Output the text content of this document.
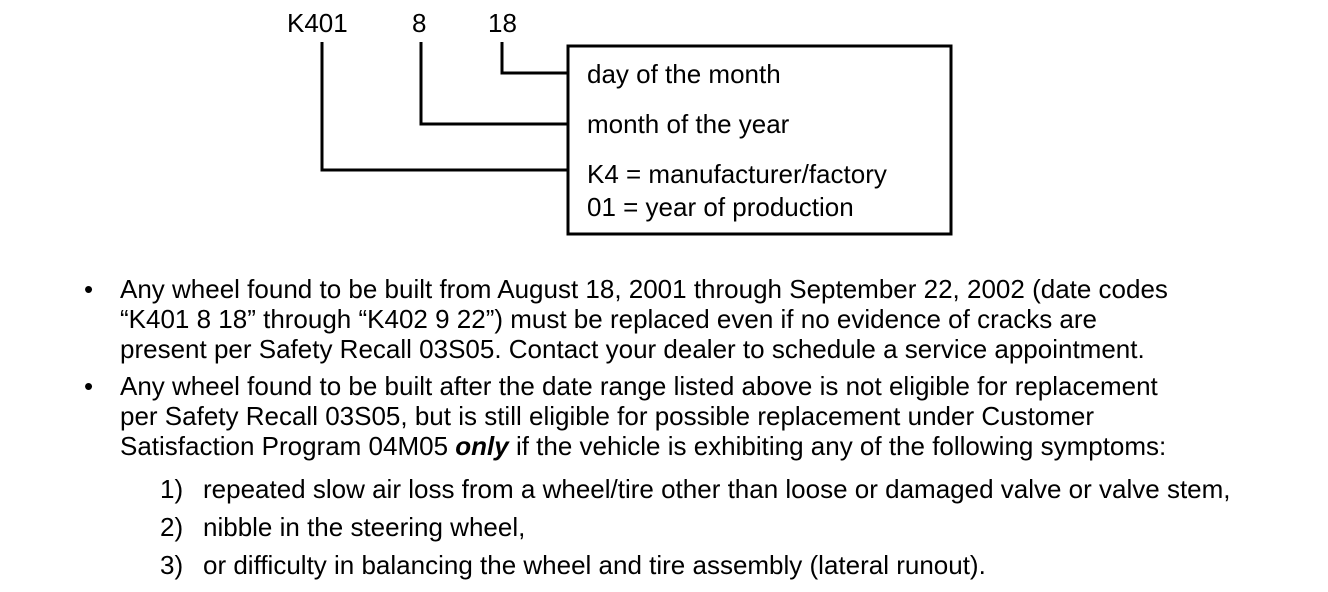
K401 8 18
day of the month
month of the year
K4 = manufacturer/factory
01 = year of production
• Any wheel found to be built from August 18, 2001 through September 22, 2002 (date codes
“K401 8 18” through “K402 9 22”) must be replaced even if no evidence of cracks are
present per Safety Recall 03S05. Contact your dealer to schedule a service appointment.
• Any wheel found to be built after the date range listed above is not eligible for replacement
per Safety Recall 03S05, but is still eligible for possible replacement under Customer
Satisfaction Program 04M05 only if the vehicle is exhibiting any of the following symptoms:
1) repeated slow air loss from a wheel/tire other than loose or damaged valve or valve stem,
2) nibble in the steering wheel,
3) or difficulty in balancing the wheel and tire assembly (lateral runout).
